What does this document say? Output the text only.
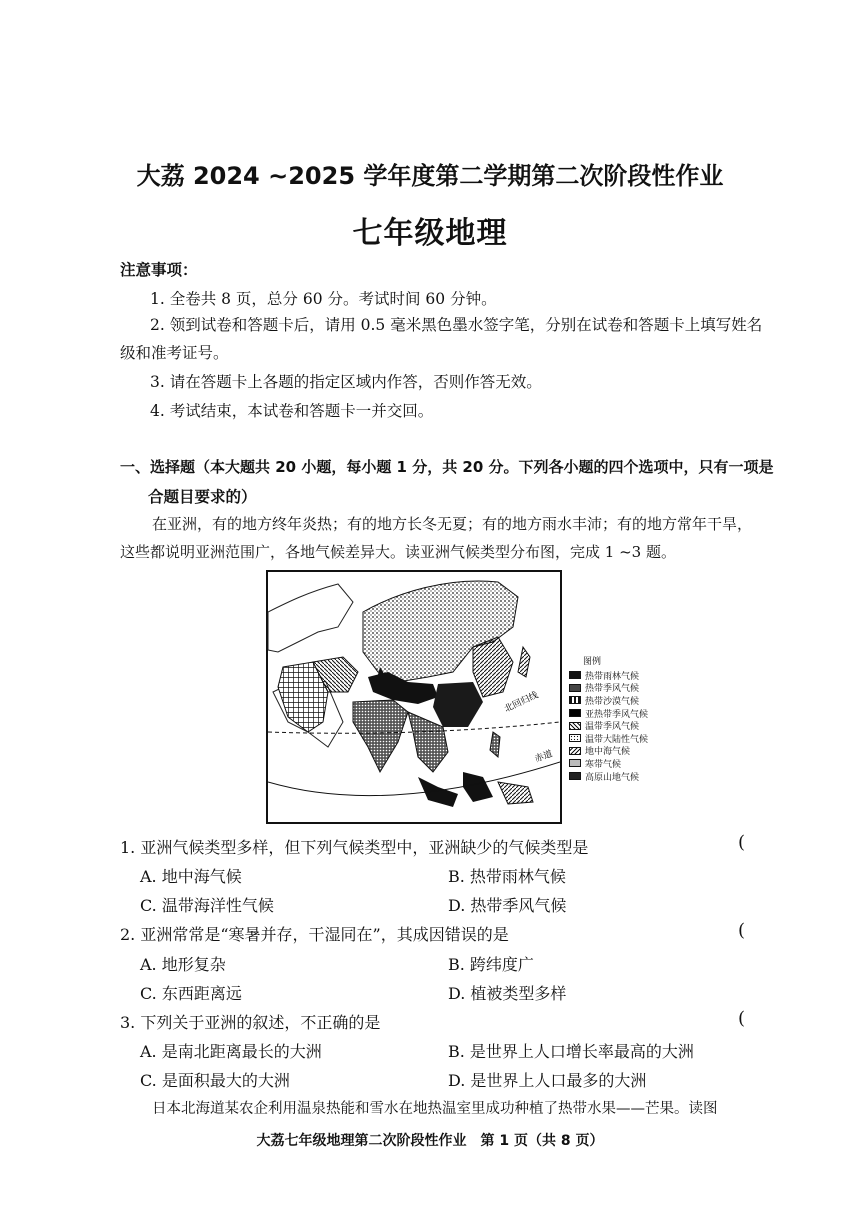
大荔 2024 ~2025 学年度第二学期第二次阶段性作业
七年级地理
注意事项：
1. 全卷共 8 页，总分 60 分。考试时间 60 分钟。
2. 领到试卷和答题卡后，请用 0.5 毫米黑色墨水签字笔，分别在试卷和答题卡上填写姓名
级和准考证号。
3. 请在答题卡上各题的指定区域内作答，否则作答无效。
4. 考试结束，本试卷和答题卡一并交回。
一、选择题（本大题共 20 小题，每小题 1 分，共 20 分。下列各小题的四个选项中，只有一项是
合题目要求的）
在亚洲，有的地方终年炎热；有的地方长冬无夏；有的地方雨水丰沛；有的地方常年干旱，
这些都说明亚洲范围广，各地气候差异大。读亚洲气候类型分布图，完成 1 ~3 题。
北回归线
赤道
图例
热带雨林气候
热带季风气候
热带沙漠气候
亚热带季风气候
温带季风气候
温带大陆性气候
地中海气候
寒带气候
高原山地气候
1. 亚洲气候类型多样，但下列气候类型中，亚洲缺少的气候类型是	(
A. 地中海气候	B. 热带雨林气候
C. 温带海洋性气候	D. 热带季风气候
2. 亚洲常常是“寒暑并存，干湿同在”，其成因错误的是	(
A. 地形复杂	B. 跨纬度广
C. 东西距离远	D. 植被类型多样
3. 下列关于亚洲的叙述，不正确的是	(
A. 是南北距离最长的大洲	B. 是世界上人口增长率最高的大洲
C. 是面积最大的大洲	D. 是世界上人口最多的大洲
日本北海道某农企利用温泉热能和雪水在地热温室里成功种植了热带水果——芒果。读图
大荔七年级地理第二次阶段性作业　第 1 页（共 8 页）
